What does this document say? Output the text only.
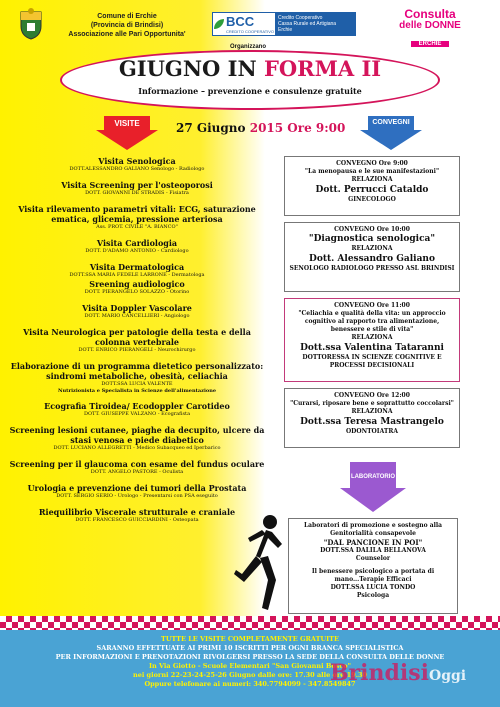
Comune di Erchie
(Provincia di Brindisi)
Associazione alle Pari Opportunita'
BCC
CREDITO COOPERATIVO
Credito Cooperativo
Cassa Rurale ed Artigiana
Erchie
Consulta
delle DONNE
ERCHIE
Organizzano
GIUGNO IN FORMA II
Informazione – prevenzione e consulenze gratuite
VISITE	27 Giugno 2015 Ore 9:00	CONVEGNI
Visita Senologica
DOTT.ALESSANDRO GALIANO Senologo - Radiologo
Visita Screening per l'osteoporosi
DOTT. GIOVANNI DE STRADIS - Fisiatra
Visita rilevamento parametri vitali: ECG, saturazione ematica, glicemia, pressione arteriosa
Ass. PROT. CIVILE "A. BIANCO"
Visita Cardiologia
DOTT. D'ADAMO ANTONIO - Cardiologo
Visita Dermatologica
DOTT.SSA MARIA FEDELE LARRONE - Dermatologa
Sreening audiologico
DOTT. PIERANGELO SOLAZZO - Otorino
Visita Doppler Vascolare
DOTT. MARIO CANCELLIERI - Angiologo
Visita Neurologica per patologie della testa e della colonna vertebrale
DOTT. ENRICO PIERANGELI - Neurochirurgo
Elaborazione di un programma dietetico personalizzato: sindromi metaboliche, obesità, celiachia
DOTT.SSA LUCIA VALENTE
Nutrizionista e Specialista in Scienze dell'alimentazione
Ecografia Tiroidea/ Ecodoppler Carotideo
DOTT. GIUSEPPE VALZANO - Ecografista
Screening lesioni cutanee, piaghe da decupito, ulcere da stasi venosa e piede diabetico
DOTT. LUCIANO ALLEGRETTI - Medico Subacqueo ed Iperbarico
Screening per il glaucoma con esame del fundus oculare
DOTT. ANGELO PASTORE - Oculista
Urologia e prevenzione dei tumori della Prostata
DOTT. SERGIO SERIO - Urologo - Presentarsi con PSA eseguito
Riequilibrio Viscerale strutturale e craniale
DOTT. FRANCESCO GUICCIARDINI - Osteopata
CONVEGNO Ore 9:00
"La menopausa e le sue manifestazioni"
RELAZIONA
Dott. Perrucci Cataldo
GINECOLOGO
CONVEGNO Ore 10:00
"Diagnostica senologica"
RELAZIONA
Dott. Alessandro Galiano
SENOLOGO RADIOLOGO PRESSO ASL BRINDISI
CONVEGNO Ore 11:00
"Celiachia e qualità della vita: un approccio cognitivo al rapporto tra alimentazione, benessere e stile di vita"
RELAZIONA
Dott.ssa Valentina Tataranni
DOTTORESSA IN SCIENZE COGNITIVE E PROCESSI DECISIONALI
CONVEGNO Ore 12:00
"Curarsi, riposare bene e soprattutto coccolarsi"
RELAZIONA
Dott.ssa Teresa Mastrangelo
ODONTOIATRA
LABORATORIO
Laboratori di promozione e sostegno alla Genitorialità consapevole
"DAL PANCIONE IN POI"
DOTT.SSA DALILA BELLANOVA
Counselor
Il benessere psicologico a portata di mano...Terapie Efficaci
DOTT.SSA LUCIA TONDO
Psicologa
TUTTE LE VISITE COMPLETAMENTE GRATUITE
SARANNO EFFETTUATE AI PRIMI 10 ISCRITTI PER OGNI BRANCA SPECIALISTICA
PER INFORMAZIONI E PRENOTAZIONI RIVOLGERSI PRESSO LA SEDE DELLA CONSULTA DELLE DONNE
In Via Giotto - Scuole Elementari "San Giovanni Bosco"
nei giorni 22-23-24-25-26 Giugno dalle ore: 17.30 alle ore 19.30
Oppure telefonare ai numeri: 340.7794099 - 347.8549847
BrindisiOggi
